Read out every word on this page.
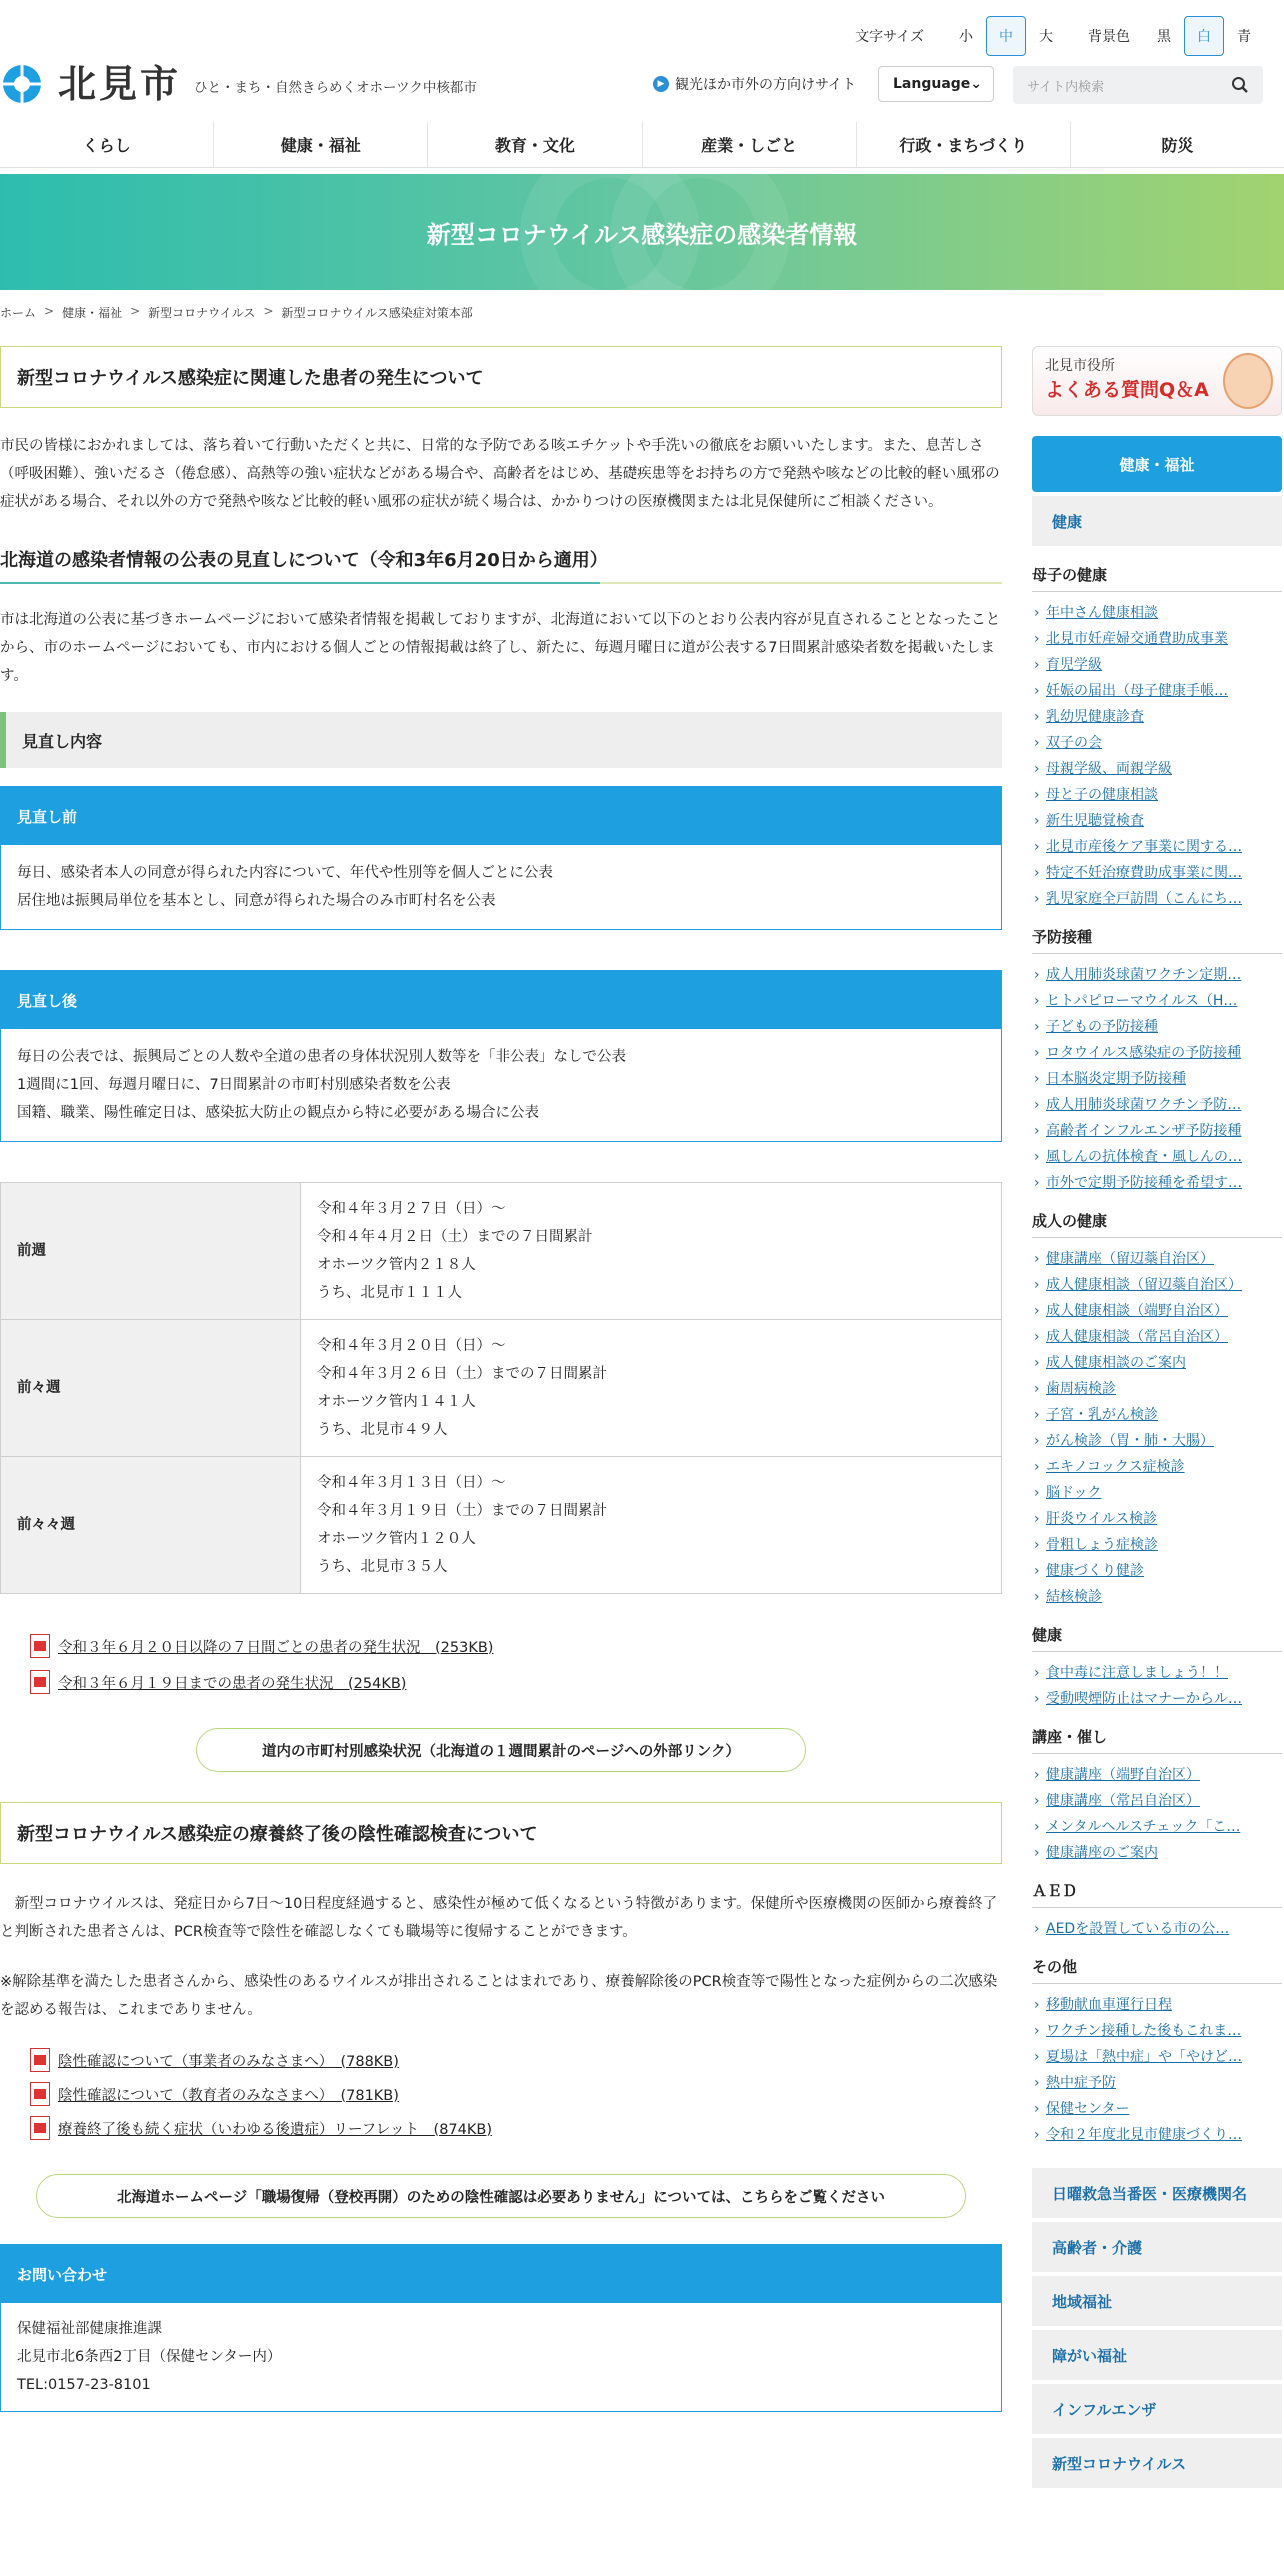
文字サイズ	小	中	大	背景色	黒	白	青
北見市 ひと・まち・自然きらめくオホーツク中核都市	▶ 観光ほか市外の方向けサイト	Language ⌄	サイト内検索
くらし	健康・福祉	教育・文化	産業・しごと	行政・まちづくり	防災
新型コロナウイルス感染症の感染者情報
ホーム > 健康・福祉 > 新型コロナウイルス > 新型コロナウイルス感染症対策本部
新型コロナウイルス感染症に関連した患者の発生について

市民の皆様におかれましては、落ち着いて行動いただくと共に、日常的な予防である咳エチケットや手洗いの徹底をお願いいたします。また、息苦しさ（呼吸困難）、強いだるさ（倦怠感）、高熱等の強い症状などがある場合や、高齢者をはじめ、基礎疾患等をお持ちの方で発熱や咳などの比較的軽い風邪の症状がある場合、それ以外の方で発熱や咳など比較的軽い風邪の症状が続く場合は、かかりつけの医療機関または北見保健所にご相談ください。

北海道の感染者情報の公表の見直しについて（令和3年6月20日から適用）

市は北海道の公表に基づきホームページにおいて感染者情報を掲載しておりますが、北海道において以下のとおり公表内容が見直されることとなったことから、市のホームページにおいても、市内における個人ごとの情報掲載は終了し、新たに、毎週月曜日に道が公表する7日間累計感染者数を掲載いたします。

見直し内容
見直し前
毎日、感染者本人の同意が得られた内容について、年代や性別等を個人ごとに公表
居住地は振興局単位を基本とし、同意が得られた場合のみ市町村名を公表
見直し後
毎日の公表では、振興局ごとの人数や全道の患者の身体状況別人数等を「非公表」なしで公表
1週間に1回、毎週月曜日に、7日間累計の市町村別感染者数を公表
国籍、職業、陽性確定日は、感染拡大防止の観点から特に必要がある場合に公表
前週	令和４年３月２７日（日）～
令和４年４月２日（土）までの７日間累計
オホーツク管内２１８人
うち、北見市１１１人

前々週	令和４年３月２０日（日）～
令和４年３月２６日（土）までの７日間累計
オホーツク管内１４１人
うち、北見市４９人

前々々週	令和４年３月１３日（日）～
令和４年３月１９日（土）までの７日間累計
オホーツク管内１２０人
うち、北見市３５人
令和３年６月２０日以降の７日間ごとの患者の発生状況　(253KB)
令和３年６月１９日までの患者の発生状況　(254KB)
道内の市町村別感染状況（北海道の１週間累計のページへの外部リンク）
新型コロナウイルス感染症の療養終了後の陰性確認検査について

　新型コロナウイルスは、発症日から7日～10日程度経過すると、感染性が極めて低くなるという特徴があります。保健所や医療機関の医師から療養終了と判断された患者さんは、PCR検査等で陰性を確認しなくても職場等に復帰することができます。

※解除基準を満たした患者さんから、感染性のあるウイルスが排出されることはまれであり、療養解除後のPCR検査等で陽性となった症例からの二次感染を認める報告は、これまでありません。

陰性確認について（事業者のみなさまへ）　(788KB)
陰性確認について（教育者のみなさまへ）　(781KB)
療養終了後も続く症状（いわゆる後遺症）リーフレット　(874KB)
北海道ホームページ「職場復帰（登校再開）のための陰性確認は必要ありません」については、こちらをご覧ください
お問い合わせ
保健福祉部健康推進課
北見市北6条西2丁目（保健センター内）
TEL:0157-23-8101
北見市役所
よくある質問Q＆A
健康・福祉
健康
母子の健康
› 年中さん健康相談
› 北見市妊産婦交通費助成事業
› 育児学級
› 妊娠の届出（母子健康手帳…
› 乳幼児健康診査
› 双子の会
› 母親学級、両親学級
› 母と子の健康相談
› 新生児聴覚検査
› 北見市産後ケア事業に関する…
› 特定不妊治療費助成事業に関…
› 乳児家庭全戸訪問（こんにち…
予防接種
› 成人用肺炎球菌ワクチン定期…
› ヒトパピローマウイルス（H…
› 子どもの予防接種
› ロタウイルス感染症の予防接種
› 日本脳炎定期予防接種
› 成人用肺炎球菌ワクチン予防…
› 高齢者インフルエンザ予防接種
› 風しんの抗体検査・風しんの…
› 市外で定期予防接種を希望す…
成人の健康
› 健康講座（留辺蘂自治区）
› 成人健康相談（留辺蘂自治区）
› 成人健康相談（端野自治区）
› 成人健康相談（常呂自治区）
› 成人健康相談のご案内
› 歯周病検診
› 子宮・乳がん検診
› がん検診（胃・肺・大腸）
› エキノコックス症検診
› 脳ドック
› 肝炎ウイルス検診
› 骨粗しょう症検診
› 健康づくり健診
› 結核検診
健康
› 食中毒に注意しましょう！！
› 受動喫煙防止はマナーからル…
講座・催し
› 健康講座（端野自治区）
› 健康講座（常呂自治区）
› メンタルヘルスチェック「こ…
› 健康講座のご案内
ＡＥＤ
› AEDを設置している市の公…
その他
› 移動献血車運行日程
› ワクチン接種した後もこれま…
› 夏場は「熱中症」や「やけど…
› 熱中症予防
› 保健センター
› 令和２年度北見市健康づくり…
日曜救急当番医・医療機関名
高齢者・介護
地域福祉
障がい福祉
インフルエンザ
新型コロナウイルス
